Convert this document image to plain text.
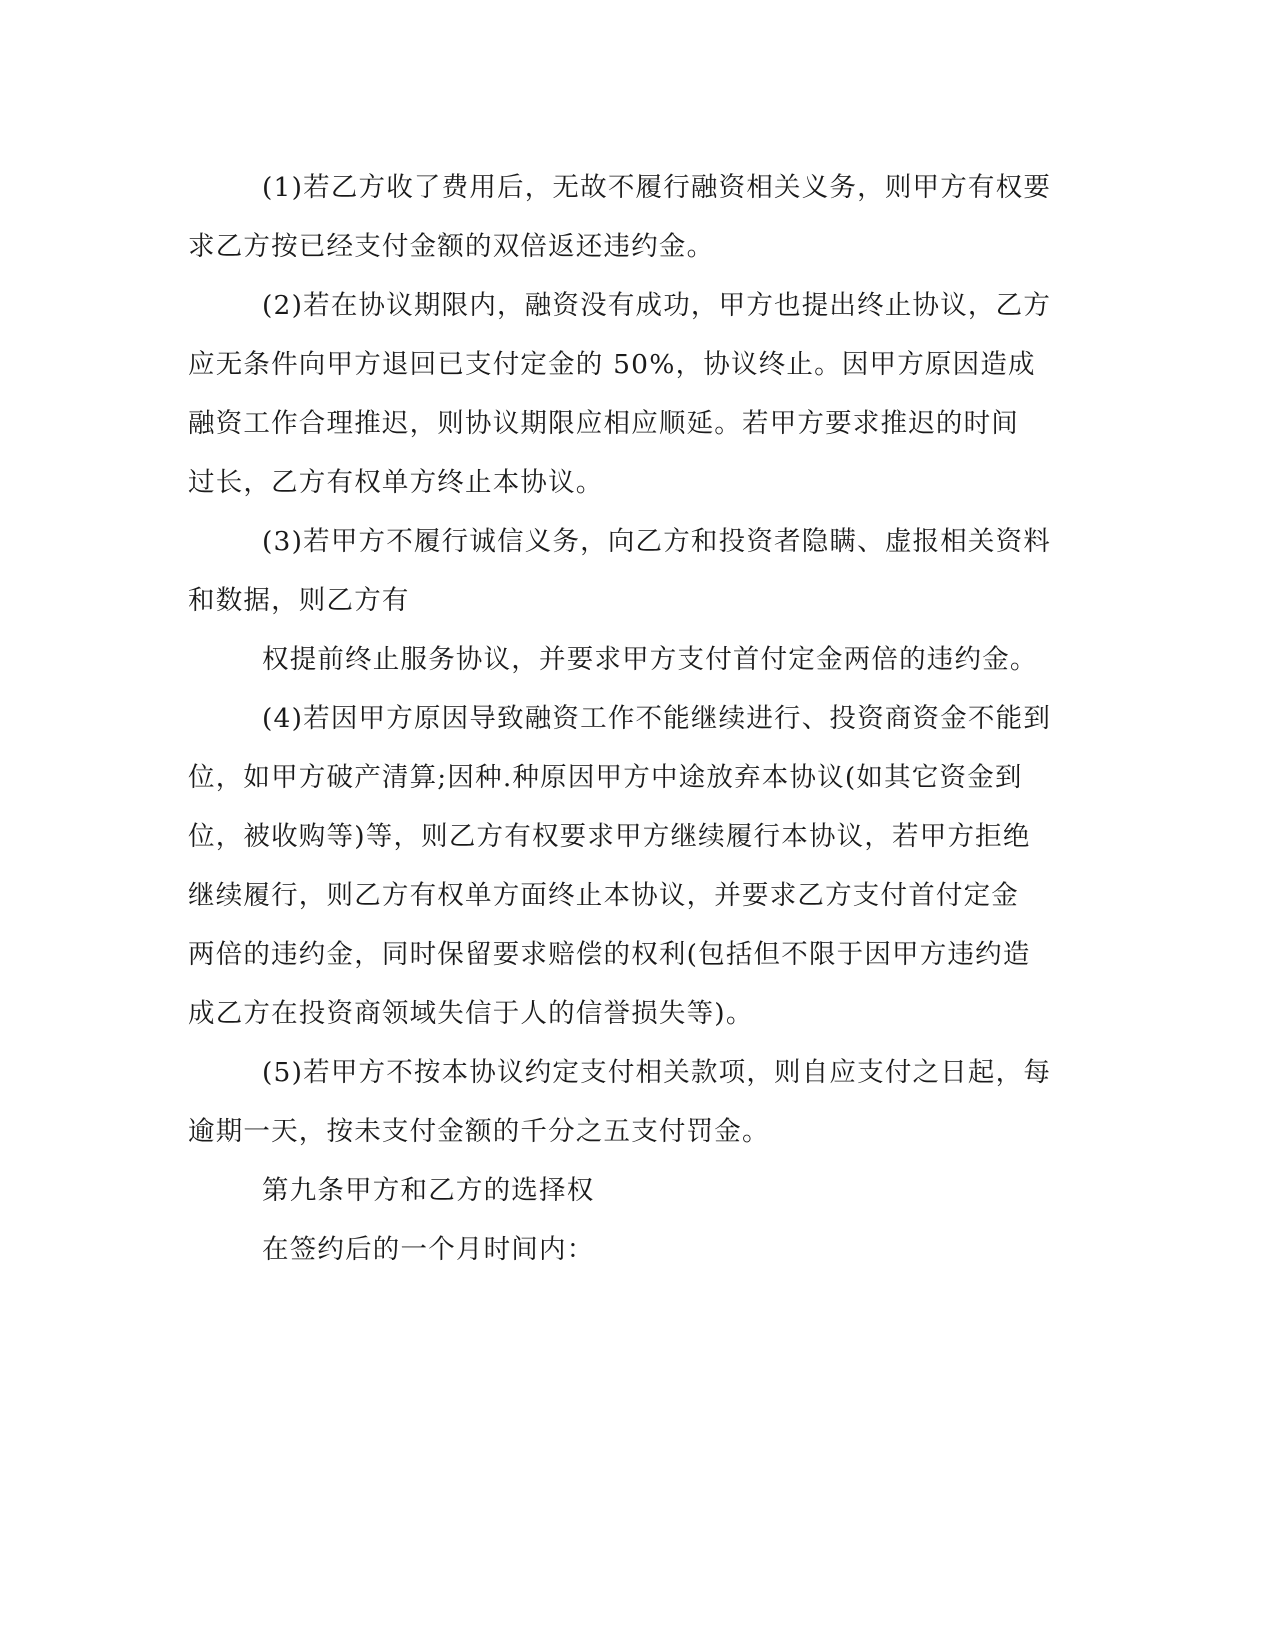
(1)若乙方收了费用后，无故不履行融资相关义务，则甲方有权要
求乙方按已经支付金额的双倍返还违约金。
(2)若在协议期限内，融资没有成功，甲方也提出终止协议，乙方
应无条件向甲方退回已支付定金的 50%，协议终止。因甲方原因造成
融资工作合理推迟，则协议期限应相应顺延。若甲方要求推迟的时间
过长，乙方有权单方终止本协议。
(3)若甲方不履行诚信义务，向乙方和投资者隐瞒、虚报相关资料
和数据，则乙方有
权提前终止服务协议，并要求甲方支付首付定金两倍的违约金。
(4)若因甲方原因导致融资工作不能继续进行、投资商资金不能到
位，如甲方破产清算;因种.种原因甲方中途放弃本协议(如其它资金到
位，被收购等)等，则乙方有权要求甲方继续履行本协议，若甲方拒绝
继续履行，则乙方有权单方面终止本协议，并要求乙方支付首付定金
两倍的违约金，同时保留要求赔偿的权利(包括但不限于因甲方违约造
成乙方在投资商领域失信于人的信誉损失等)。
(5)若甲方不按本协议约定支付相关款项，则自应支付之日起，每
逾期一天，按未支付金额的千分之五支付罚金。
第九条甲方和乙方的选择权
在签约后的一个月时间内：
